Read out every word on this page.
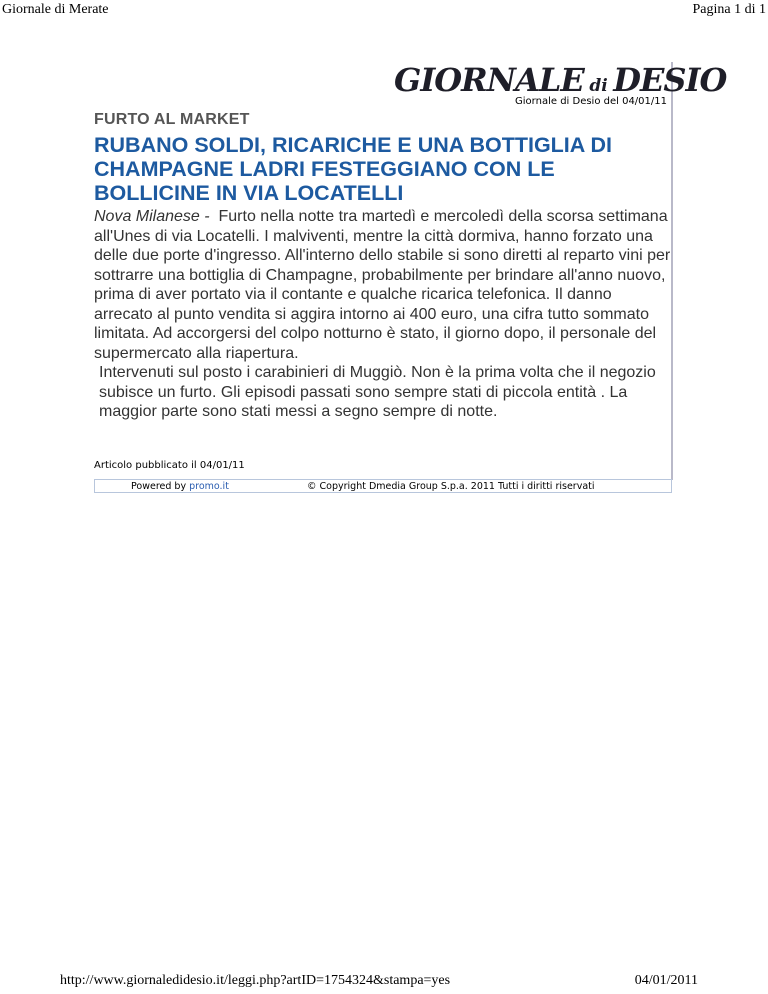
Giornale di Merate	Pagina 1 di 1
GIORNALE di DESIO
Giornale di Desio del 04/01/11
FURTO AL MARKET
RUBANO SOLDI, RICARICHE E UNA BOTTIGLIA DI CHAMPAGNE LADRI FESTEGGIANO CON LE BOLLICINE IN VIA LOCATELLI

Nova Milanese - Furto nella notte tra martedì e mercoledì della scorsa settimana all'Unes di via Locatelli. I malviventi, mentre la città dormiva, hanno forzato una delle due porte d'ingresso. All'interno dello stabile si sono diretti al reparto vini per sottrarre una bottiglia di Champagne, probabilmente per brindare all'anno nuovo, prima di aver portato via il contante e qualche ricarica telefonica. Il danno arrecato al punto vendita si aggira intorno ai 400 euro, una cifra tutto sommato limitata. Ad accorgersi del colpo notturno è stato, il giorno dopo, il personale del supermercato alla riapertura.

Intervenuti sul posto i carabinieri di Muggiò. Non è la prima volta che il negozio subisce un furto. Gli episodi passati sono sempre stati di piccola entità . La maggior parte sono stati messi a segno sempre di notte.

Articolo pubblicato il 04/01/11
Powered by promo.it	© Copyright Dmedia Group S.p.a. 2011 Tutti i diritti riservati
http://www.giornaledidesio.it/leggi.php?artID=1754324&stampa=yes	04/01/2011
